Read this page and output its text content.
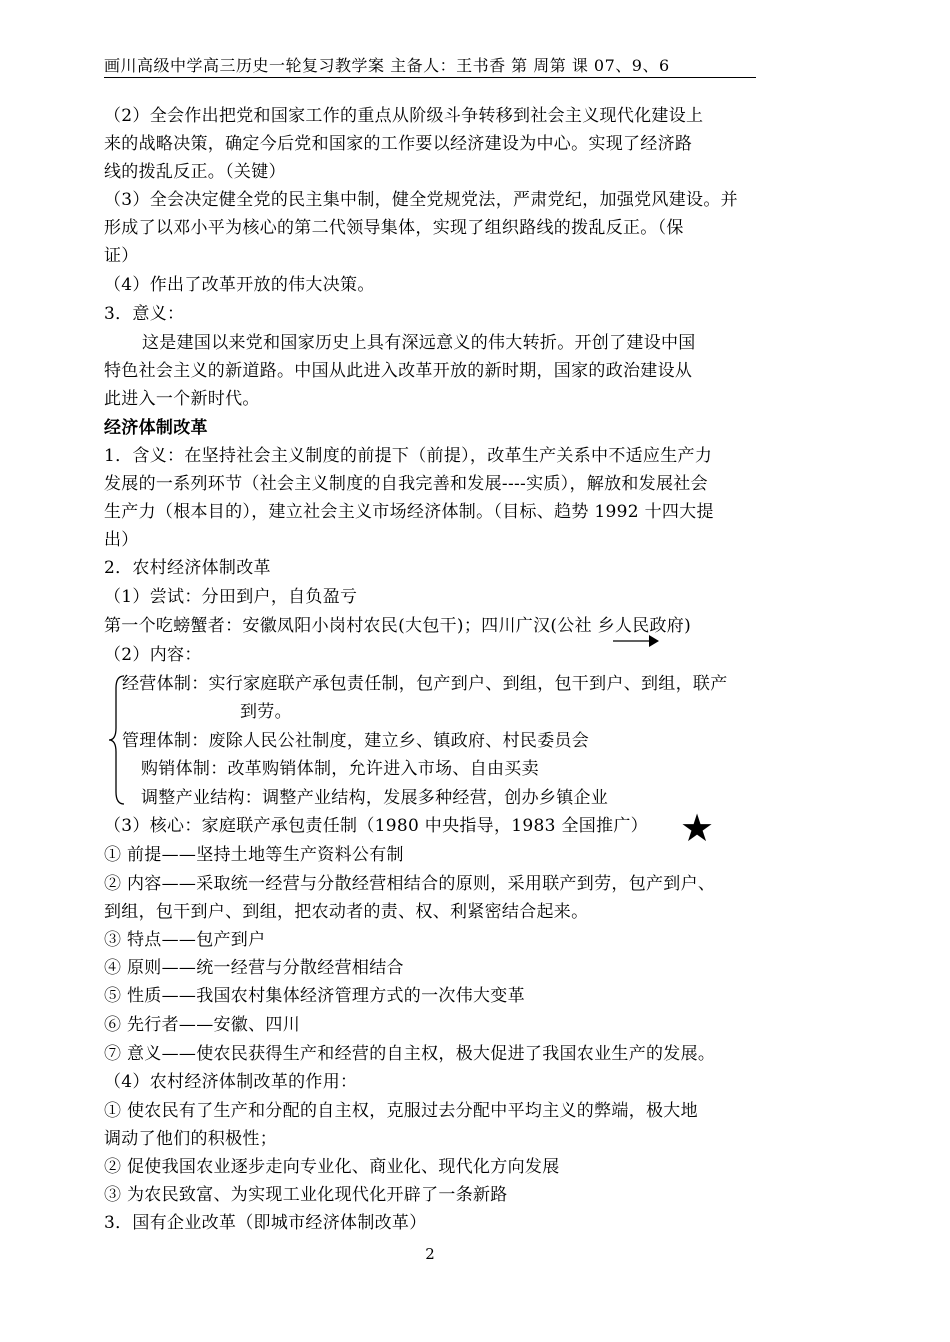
画川高级中学高三历史一轮复习教学案 主备人：王书香 第 周第 课 07、9、6
（2）全会作出把党和国家工作的重点从阶级斗争转移到社会主义现代化建设上
来的战略决策，确定今后党和国家的工作要以经济建设为中心。实现了经济路
线的拨乱反正。（关键）
（3）全会决定健全党的民主集中制，健全党规党法，严肃党纪，加强党风建设。并
形成了以邓小平为核心的第二代领导集体，实现了组织路线的拨乱反正。（保
证）
（4）作出了改革开放的伟大决策。
3．意义：
这是建国以来党和国家历史上具有深远意义的伟大转折。开创了建设中国
特色社会主义的新道路。中国从此进入改革开放的新时期，国家的政治建设从
此进入一个新时代。
经济体制改革
1．含义：在坚持社会主义制度的前提下（前提），改革生产关系中不适应生产力
发展的一系列环节（社会主义制度的自我完善和发展----实质），解放和发展社会
生产力（根本目的），建立社会主义市场经济体制。（目标、趋势 1992 十四大提
出）
2．农村经济体制改革
（1）尝试：分田到户，自负盈亏
第一个吃螃蟹者：安徽凤阳小岗村农民(大包干)；四川广汉(公社 乡人民政府)
（2）内容：
经营体制：实行家庭联产承包责任制，包产到户、到组，包干到户、到组，联产
到劳。
管理体制：废除人民公社制度，建立乡、镇政府、村民委员会
购销体制：改革购销体制，允许进入市场、自由买卖
调整产业结构：调整产业结构，发展多种经营，创办乡镇企业
（3）核心：家庭联产承包责任制（1980 中央指导，1983 全国推广） ★
① 前提——坚持土地等生产资料公有制
② 内容——采取统一经营与分散经营相结合的原则，采用联产到劳，包产到户、
到组，包干到户、到组，把农动者的责、权、利紧密结合起来。
③ 特点——包产到户
④ 原则——统一经营与分散经营相结合
⑤ 性质——我国农村集体经济管理方式的一次伟大变革
⑥ 先行者——安徽、四川
⑦ 意义——使农民获得生产和经营的自主权，极大促进了我国农业生产的发展。
（4）农村经济体制改革的作用：
① 使农民有了生产和分配的自主权，克服过去分配中平均主义的弊端，极大地
调动了他们的积极性；
② 促使我国农业逐步走向专业化、商业化、现代化方向发展
③ 为农民致富、为实现工业化现代化开辟了一条新路
3．国有企业改革（即城市经济体制改革）
2
